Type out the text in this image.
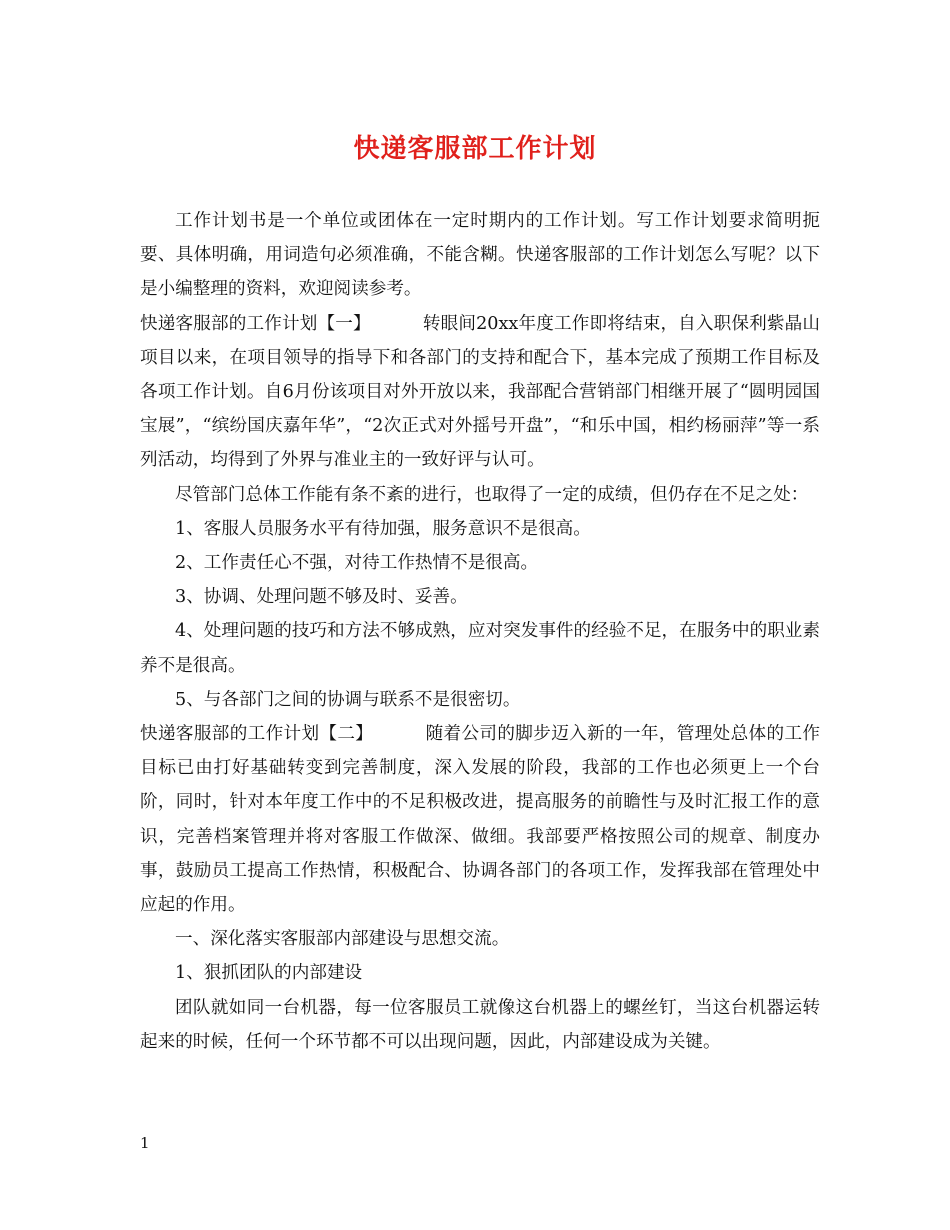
快递客服部工作计划

工作计划书是一个单位或团体在一定时期内的工作计划。写工作计划要求简明扼要、具体明确，用词造句必须准确，不能含糊。快递客服部的工作计划怎么写呢？以下是小编整理的资料，欢迎阅读参考。

快递客服部的工作计划【一】	转眼间20xx年度工作即将结束，自入职保利紫晶山项目以来，在项目领导的指导下和各部门的支持和配合下，基本完成了预期工作目标及各项工作计划。自6月份该项目对外开放以来，我部配合营销部门相继开展了“圆明园国宝展”，“缤纷国庆嘉年华”，“2次正式对外摇号开盘”，“和乐中国，相约杨丽萍”等一系列活动，均得到了外界与准业主的一致好评与认可。

尽管部门总体工作能有条不紊的进行，也取得了一定的成绩，但仍存在不足之处：

1、客服人员服务水平有待加强，服务意识不是很高。

2、工作责任心不强，对待工作热情不是很高。

3、协调、处理问题不够及时、妥善。

4、处理问题的技巧和方法不够成熟，应对突发事件的经验不足，在服务中的职业素养不是很高。

5、与各部门之间的协调与联系不是很密切。

快递客服部的工作计划【二】	随着公司的脚步迈入新的一年，管理处总体的工作目标已由打好基础转变到完善制度，深入发展的阶段，我部的工作也必须更上一个台阶，同时，针对本年度工作中的不足积极改进，提高服务的前瞻性与及时汇报工作的意识，完善档案管理并将对客服工作做深、做细。我部要严格按照公司的规章、制度办事，鼓励员工提高工作热情，积极配合、协调各部门的各项工作，发挥我部在管理处中应起的作用。

一、深化落实客服部内部建设与思想交流。

1、狠抓团队的内部建设

团队就如同一台机器，每一位客服员工就像这台机器上的螺丝钉，当这台机器运转起来的时候，任何一个环节都不可以出现问题，因此，内部建设成为关键。

1
